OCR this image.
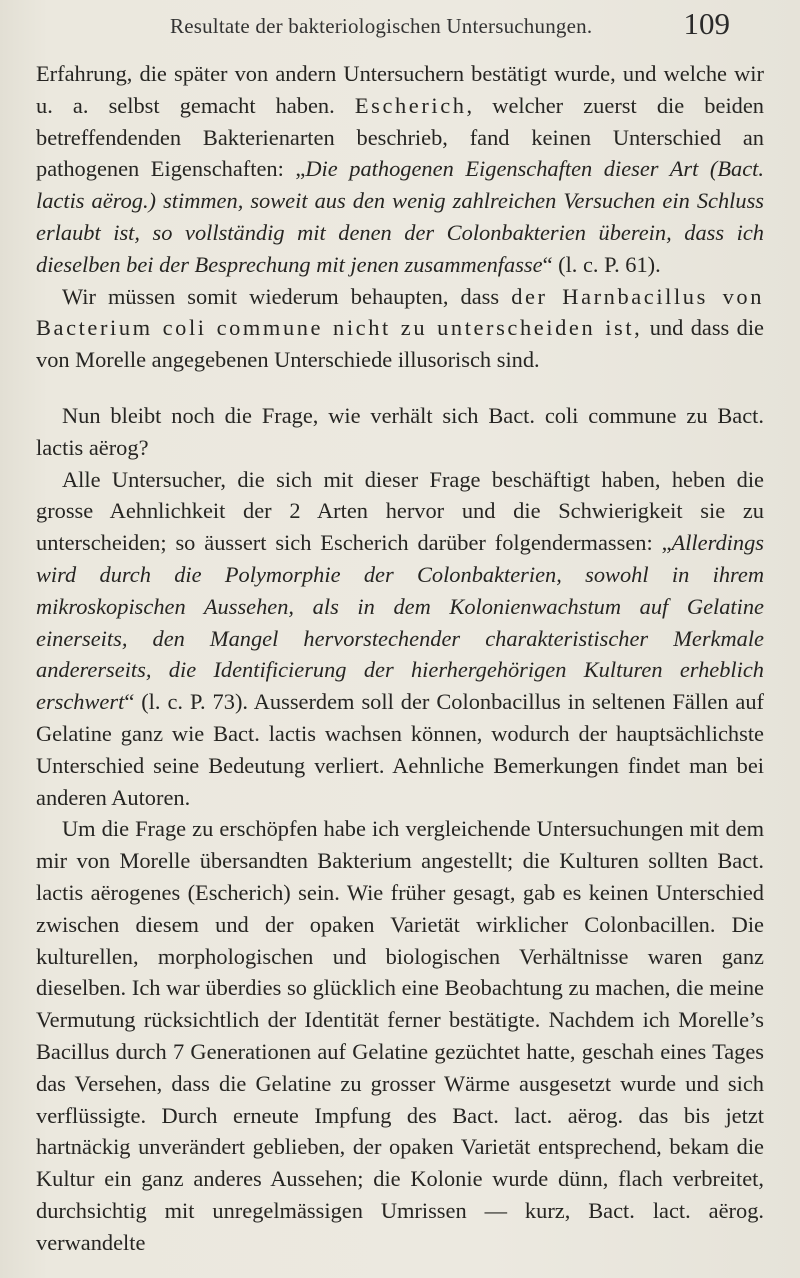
Resultate der bakteriologischen Untersuchungen.	109

Erfahrung, die später von andern Untersuchern bestätigt wurde, und welche wir u. a. selbst gemacht haben. Escherich, welcher zuerst die beiden betreffendenden Bakterienarten beschrieb, fand keinen Unterschied an pathogenen Eigenschaften: „Die pathogenen Eigenschaften dieser Art (Bact. lactis aërog.) stimmen, soweit aus den wenig zahlreichen Versuchen ein Schluss erlaubt ist, so vollständig mit denen der Colonbakterien überein, dass ich dieselben bei der Besprechung mit jenen zusammenfasse“ (l. c. P. 61).

Wir müssen somit wiederum behaupten, dass der Harnbacillus von Bacterium coli commune nicht zu unterscheiden ist, und dass die von Morelle angegebenen Unterschiede illusorisch sind.

Nun bleibt noch die Frage, wie verhält sich Bact. coli commune zu Bact. lactis aërog?

Alle Untersucher, die sich mit dieser Frage beschäftigt haben, heben die grosse Aehnlichkeit der 2 Arten hervor und die Schwierigkeit sie zu unterscheiden; so äussert sich Escherich darüber folgendermassen: „Allerdings wird durch die Polymorphie der Colonbakterien, sowohl in ihrem mikroskopischen Aussehen, als in dem Kolonienwachstum auf Gelatine einerseits, den Mangel hervorstechender charakteristischer Merkmale andererseits, die Identificierung der hierhergehörigen Kulturen erheblich erschwert“ (l. c. P. 73). Ausserdem soll der Colonbacillus in seltenen Fällen auf Gelatine ganz wie Bact. lactis wachsen können, wodurch der hauptsächlichste Unterschied seine Bedeutung verliert. Aehnliche Bemerkungen findet man bei anderen Autoren.

Um die Frage zu erschöpfen habe ich vergleichende Untersuchungen mit dem mir von Morelle übersandten Bakterium angestellt; die Kulturen sollten Bact. lactis aërogenes (Escherich) sein. Wie früher gesagt, gab es keinen Unterschied zwischen diesem und der opaken Varietät wirklicher Colonbacillen. Die kulturellen, morphologischen und biologischen Verhältnisse waren ganz dieselben. Ich war überdies so glücklich eine Beobachtung zu machen, die meine Vermutung rücksichtlich der Identität ferner bestätigte. Nachdem ich Morelle’s Bacillus durch 7 Generationen auf Gelatine gezüchtet hatte, geschah eines Tages das Versehen, dass die Gelatine zu grosser Wärme ausgesetzt wurde und sich verflüssigte. Durch erneute Impfung des Bact. lact. aërog. das bis jetzt hartnäckig unverändert geblieben, der opaken Varietät entsprechend, bekam die Kultur ein ganz anderes Aussehen; die Kolonie wurde dünn, flach verbreitet, durchsichtig mit unregelmässigen Umrissen — kurz, Bact. lact. aërog. verwandelte
